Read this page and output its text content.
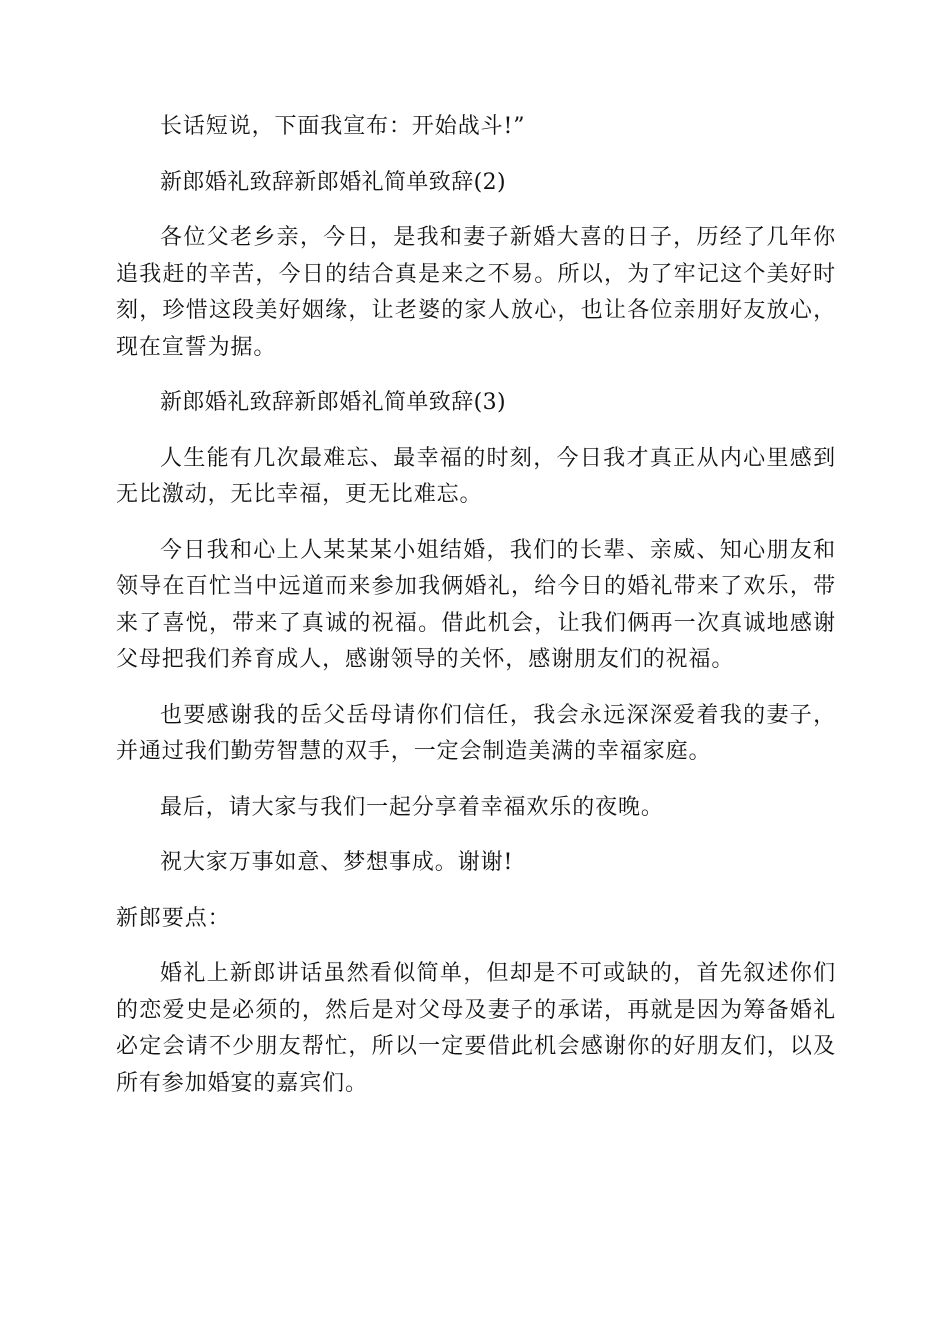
长话短说，下面我宣布：开始战斗!”

新郎婚礼致辞新郎婚礼简单致辞(2)

各位父老乡亲，今日，是我和妻子新婚大喜的日子，历经了几年你追我赶的辛苦，今日的结合真是来之不易。所以，为了牢记这个美好时刻，珍惜这段美好姻缘，让老婆的家人放心，也让各位亲朋好友放心，现在宣誓为据。

新郎婚礼致辞新郎婚礼简单致辞(3)

人生能有几次最难忘、最幸福的时刻，今日我才真正从内心里感到无比激动，无比幸福，更无比难忘。

今日我和心上人某某某小姐结婚，我们的长辈、亲威、知心朋友和领导在百忙当中远道而来参加我俩婚礼，给今日的婚礼带来了欢乐，带来了喜悦，带来了真诚的祝福。借此机会，让我们俩再一次真诚地感谢父母把我们养育成人，感谢领导的关怀，感谢朋友们的祝福。

也要感谢我的岳父岳母请你们信任，我会永远深深爱着我的妻子，并通过我们勤劳智慧的双手，一定会制造美满的幸福家庭。

最后，请大家与我们一起分享着幸福欢乐的夜晚。

祝大家万事如意、梦想事成。谢谢!

新郎要点：

婚礼上新郎讲话虽然看似简单，但却是不可或缺的，首先叙述你们的恋爱史是必须的，然后是对父母及妻子的承诺，再就是因为筹备婚礼必定会请不少朋友帮忙，所以一定要借此机会感谢你的好朋友们，以及所有参加婚宴的嘉宾们。
